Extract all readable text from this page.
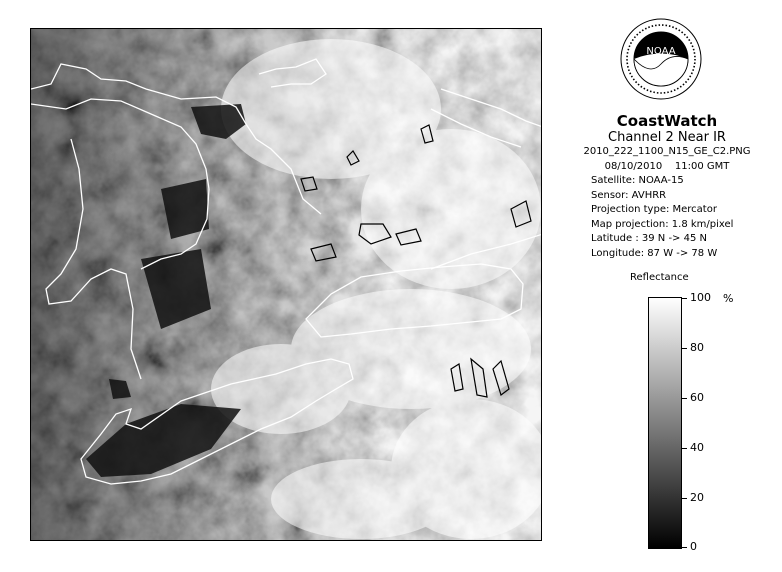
NOAA
CoastWatch
Channel 2 Near IR
2010_222_1100_N15_GE_C2.PNG
08/10/2010    11:00 GMT
Satellite: NOAA-15
Sensor: AVHRR
Projection type: Mercator
Map projection: 1.8 km/pixel
Latitude : 39 N -> 45 N
Longitude: 87 W -> 78 W
Reflectance
%
100
80
60
40
20
0
